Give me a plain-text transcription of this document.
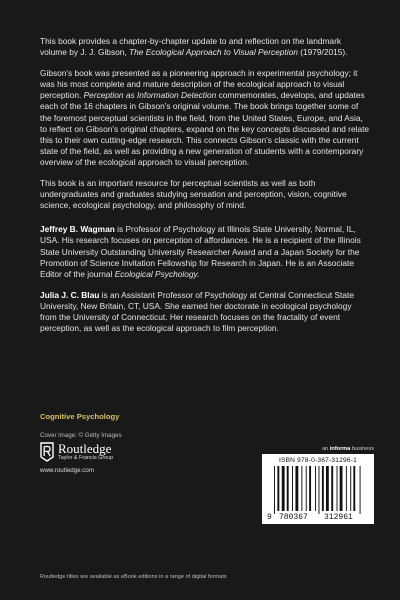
This book provides a chapter-by-chapter update to and reflection on the landmark volume by J. J. Gibson, The Ecological Approach to Visual Perception (1979/2015).

Gibson's book was presented as a pioneering approach in experimental psychology; it was his most complete and mature description of the ecological approach to visual perception. Perception as Information Detection commemorates, develops, and updates each of the 16 chapters in Gibson's original volume. The book brings together some of the foremost perceptual scientists in the field, from the United States, Europe, and Asia, to reflect on Gibson's original chapters, expand on the key concepts discussed and relate this to their own cutting-edge research. This connects Gibson's classic with the current state of the field, as well as providing a new generation of students with a contemporary overview of the ecological approach to visual perception.

This book is an important resource for perceptual scientists as well as both undergraduates and graduates studying sensation and perception, vision, cognitive science, ecological psychology, and philosophy of mind.

Jeffrey B. Wagman is Professor of Psychology at Illinois State University, Normal, IL, USA. His research focuses on perception of affordances. He is a recipient of the Illinois State University Outstanding University Researcher Award and a Japan Society for the Promotion of Science Invitation Fellowship for Research in Japan. He is an Associate Editor of the journal Ecological Psychology.

Julia J. C. Blau is an Assistant Professor of Psychology at Central Connecticut State University, New Britain, CT, USA. She earned her doctorate in ecological psychology from the University of Connecticut. Her research focuses on the fractality of event perception, as well as the ecological approach to film perception.

Cognitive Psychology
Cover image: © Getty Images
Routledge
Taylor & Francis Group
www.routledge.com
an informa business
ISBN 978-0-367-31296-1
9 780367 312961
Routledge titles are available as eBook editions in a range of digital formats
